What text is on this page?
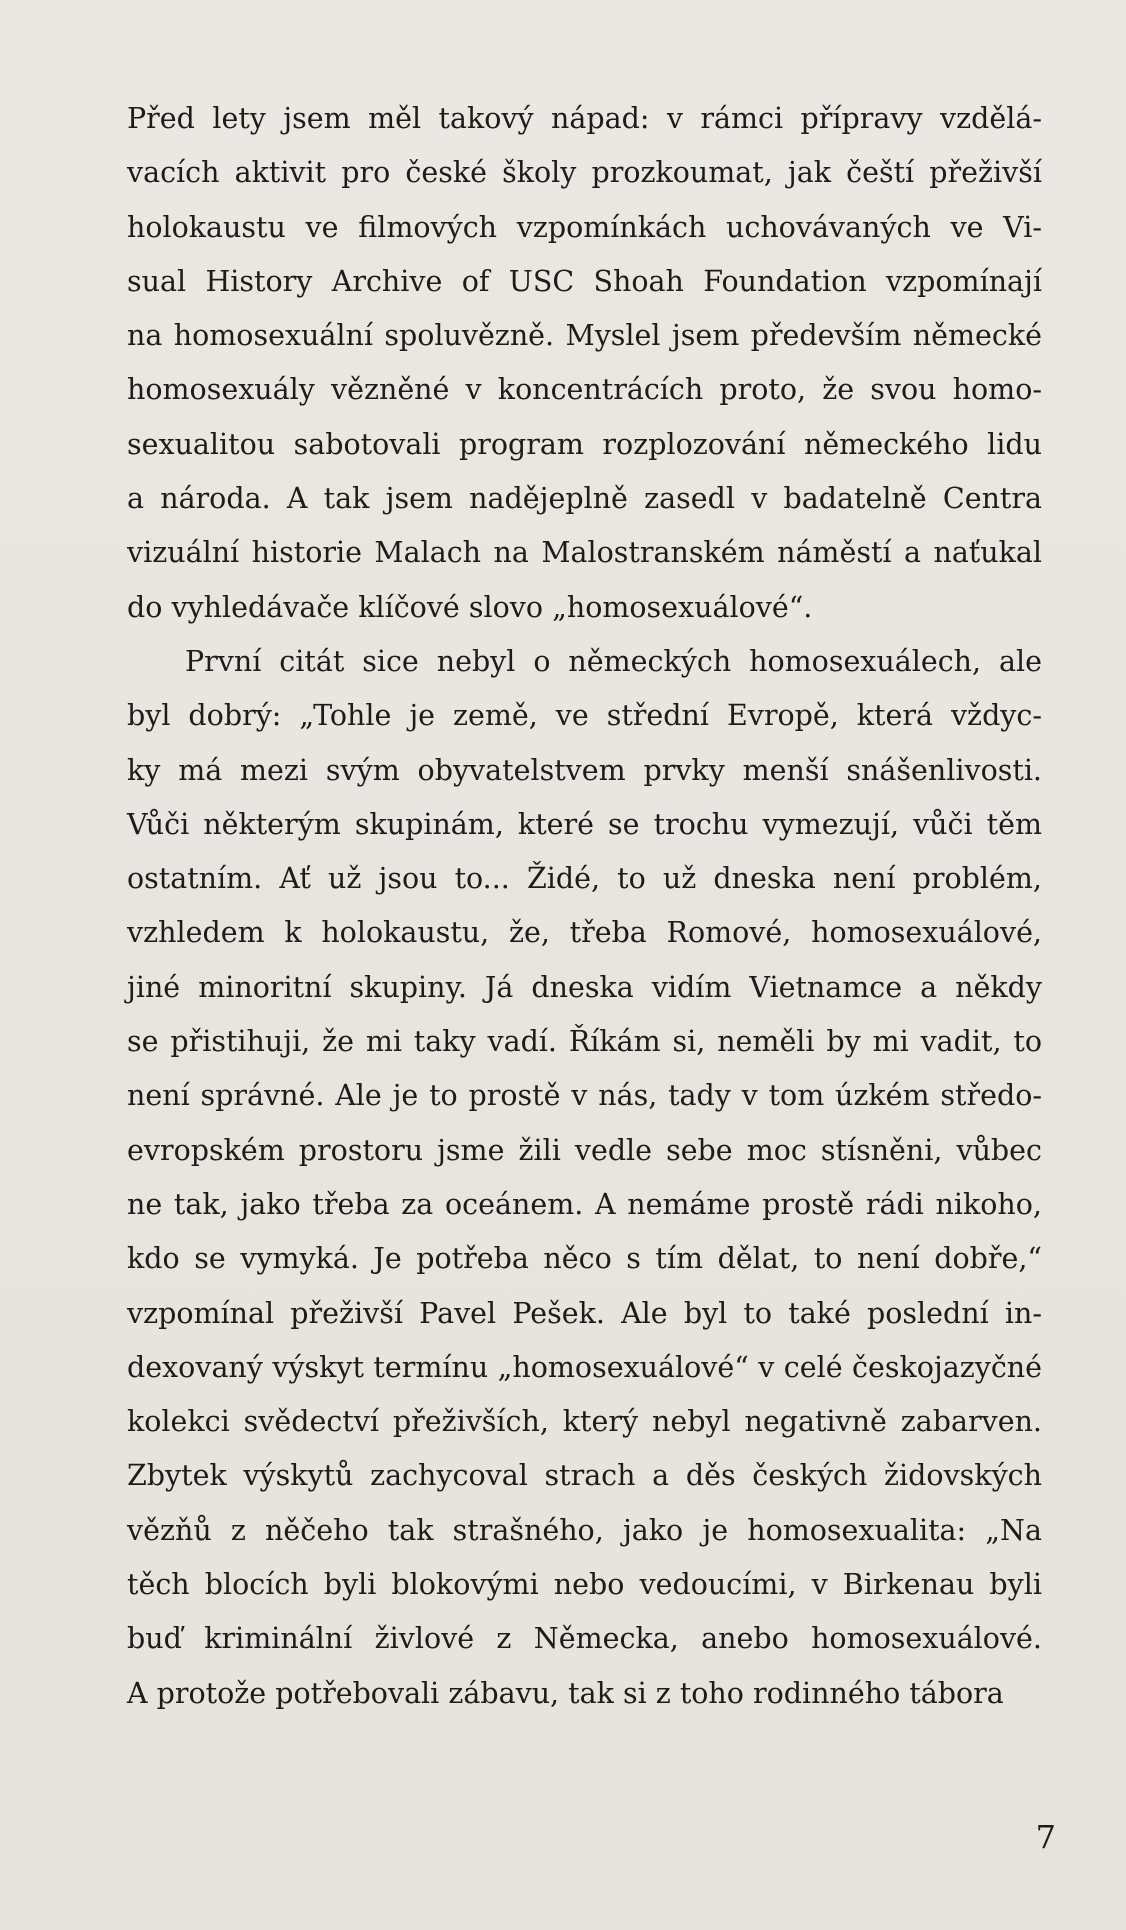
Před lety jsem měl takový nápad: v rámci přípravy vzdělá-
vacích aktivit pro české školy prozkoumat, jak čeští přeživší
holokaustu ve filmových vzpomínkách uchovávaných ve Vi-
sual History Archive of USC Shoah Foundation vzpomínají
na homosexuální spoluvězně. Myslel jsem především německé
homosexuály vězněné v koncentrácích proto, že svou homo-
sexualitou sabotovali program rozplozování německého lidu
a národa. A tak jsem nadějeplně zasedl v badatelně Centra
vizuální historie Malach na Malostranském náměstí a naťukal
do vyhledávače klíčové slovo „homosexuálové“.
První citát sice nebyl o německých homosexuálech, ale
byl dobrý: „Tohle je země, ve střední Evropě, která vždyc-
ky má mezi svým obyvatelstvem prvky menší snášenlivosti.
Vůči některým skupinám, které se trochu vymezují, vůči těm
ostatním. Ať už jsou to... Židé, to už dneska není problém,
vzhledem k holokaustu, že, třeba Romové, homosexuálové,
jiné minoritní skupiny. Já dneska vidím Vietnamce a někdy
se přistihuji, že mi taky vadí. Říkám si, neměli by mi vadit, to
není správné. Ale je to prostě v nás, tady v tom úzkém středo-
evropském prostoru jsme žili vedle sebe moc stísněni, vůbec
ne tak, jako třeba za oceánem. A nemáme prostě rádi nikoho,
kdo se vymyká. Je potřeba něco s tím dělat, to není dobře,“
vzpomínal přeživší Pavel Pešek. Ale byl to také poslední in-
dexovaný výskyt termínu „homosexuálové“ v celé českojazyčné
kolekci svědectví přeživších, který nebyl negativně zabarven.
Zbytek výskytů zachycoval strach a děs českých židovských
vězňů z něčeho tak strašného, jako je homosexualita: „Na
těch blocích byli blokovými nebo vedoucími, v Birkenau byli
buď kriminální živlové z Německa, anebo homosexuálové.
A protože potřebovali zábavu, tak si z toho rodinného tábora
7
